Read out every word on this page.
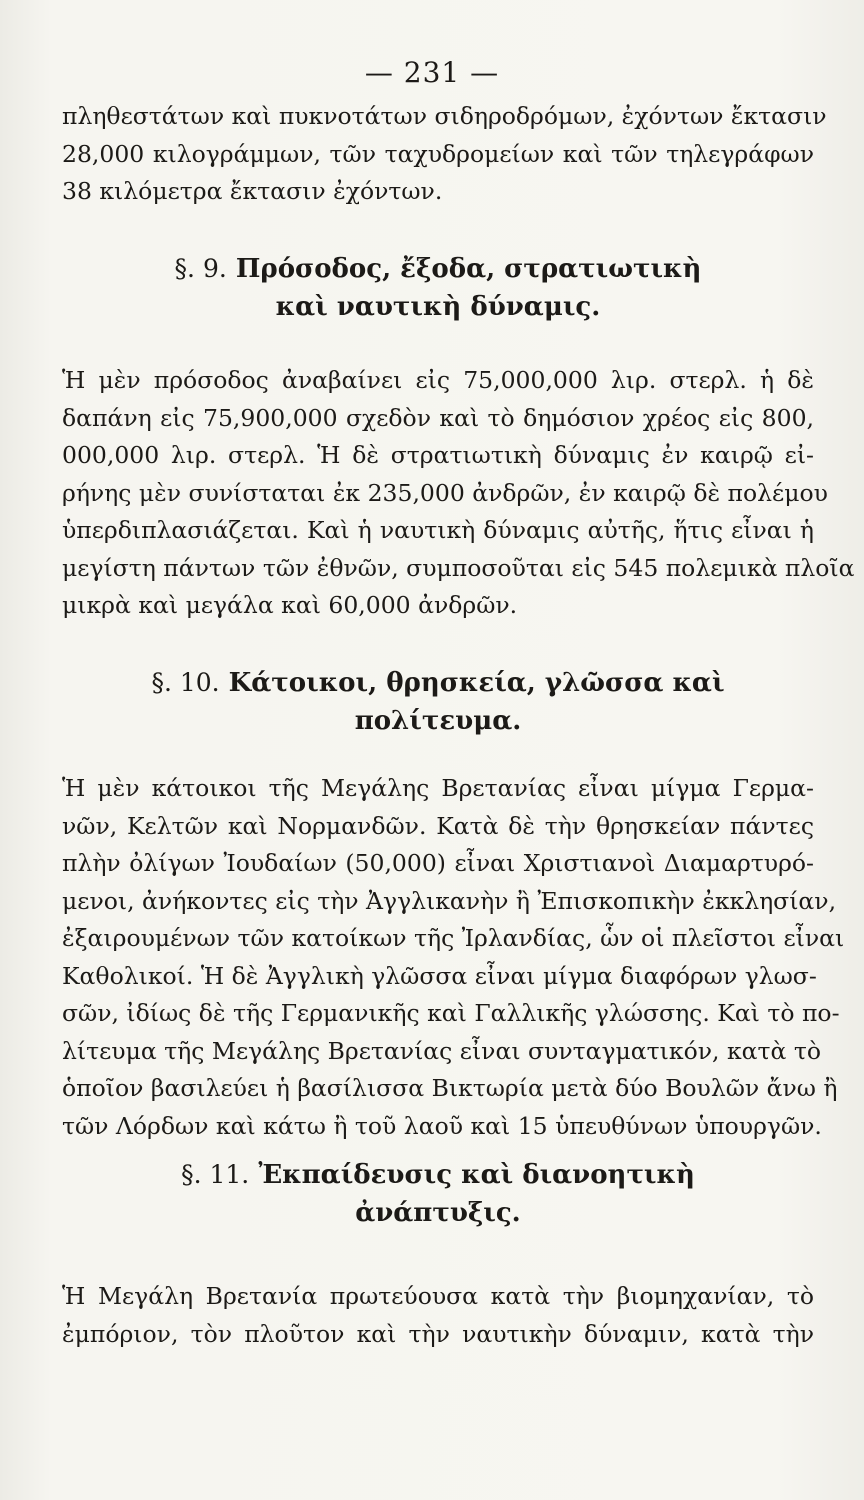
— 231 —
πληθεστάτων καὶ πυκνοτάτων σιδηροδρόμων, ἐχόντων ἔκτασιν
28,000 κιλογράμμων, τῶν ταχυδρομείων καὶ τῶν τηλεγράφων
38 κιλόμετρα ἔκτασιν ἐχόντων.
§. 9. Πρόσοδος, ἔξοδα, στρατιωτικὴ
καὶ ναυτικὴ δύναμις.
Ἡ μὲν πρόσοδος ἀναβαίνει εἰς 75,000,000 λιρ. στερλ. ἡ δὲ
δαπάνη εἰς 75,900,000 σχεδὸν καὶ τὸ δημόσιον χρέος εἰς 800,
000,000 λιρ. στερλ. Ἡ δὲ στρατιωτικὴ δύναμις ἐν καιρῷ εἰ-
ρήνης μὲν συνίσταται ἐκ 235,000 ἀνδρῶν, ἐν καιρῷ δὲ πολέμου
ὑπερδιπλασιάζεται. Καὶ ἡ ναυτικὴ δύναμις αὐτῆς, ἥτις εἶναι ἡ
μεγίστη πάντων τῶν ἐθνῶν, συμποσοῦται εἰς 545 πολεμικὰ πλοῖα
μικρὰ καὶ μεγάλα καὶ 60,000 ἀνδρῶν.
§. 10. Κάτοικοι, θρησκεία, γλῶσσα καὶ
πολίτευμα.
Ἡ μὲν κάτοικοι τῆς Μεγάλης Βρετανίας εἶναι μίγμα Γερμα-
νῶν, Κελτῶν καὶ Νορμανδῶν. Κατὰ δὲ τὴν θρησκείαν πάντες
πλὴν ὀλίγων Ἰουδαίων (50,000) εἶναι Χριστιανοὶ Διαμαρτυρό-
μενοι, ἀνήκοντες εἰς τὴν Ἀγγλικανὴν ἢ Ἐπισκοπικὴν ἐκκλησίαν,
ἐξαιρουμένων τῶν κατοίκων τῆς Ἰρλανδίας, ὧν οἱ πλεῖστοι εἶναι
Καθολικοί. Ἡ δὲ Ἀγγλικὴ γλῶσσα εἶναι μίγμα διαφόρων γλωσ-
σῶν, ἰδίως δὲ τῆς Γερμανικῆς καὶ Γαλλικῆς γλώσσης. Καὶ τὸ πο-
λίτευμα τῆς Μεγάλης Βρετανίας εἶναι συνταγματικόν, κατὰ τὸ
ὁποῖον βασιλεύει ἡ βασίλισσα Βικτωρία μετὰ δύο Βουλῶν ἄνω ἢ
τῶν Λόρδων καὶ κάτω ἢ τοῦ λαοῦ καὶ 15 ὑπευθύνων ὑπουργῶν.
§. 11. Ἐκπαίδευσις καὶ διανοητικὴ
ἀνάπτυξις.
Ἡ Μεγάλη Βρετανία πρωτεύουσα κατὰ τὴν βιομηχανίαν, τὸ
ἐμπόριον, τὸν πλοῦτον καὶ τὴν ναυτικὴν δύναμιν, κατὰ τὴν
